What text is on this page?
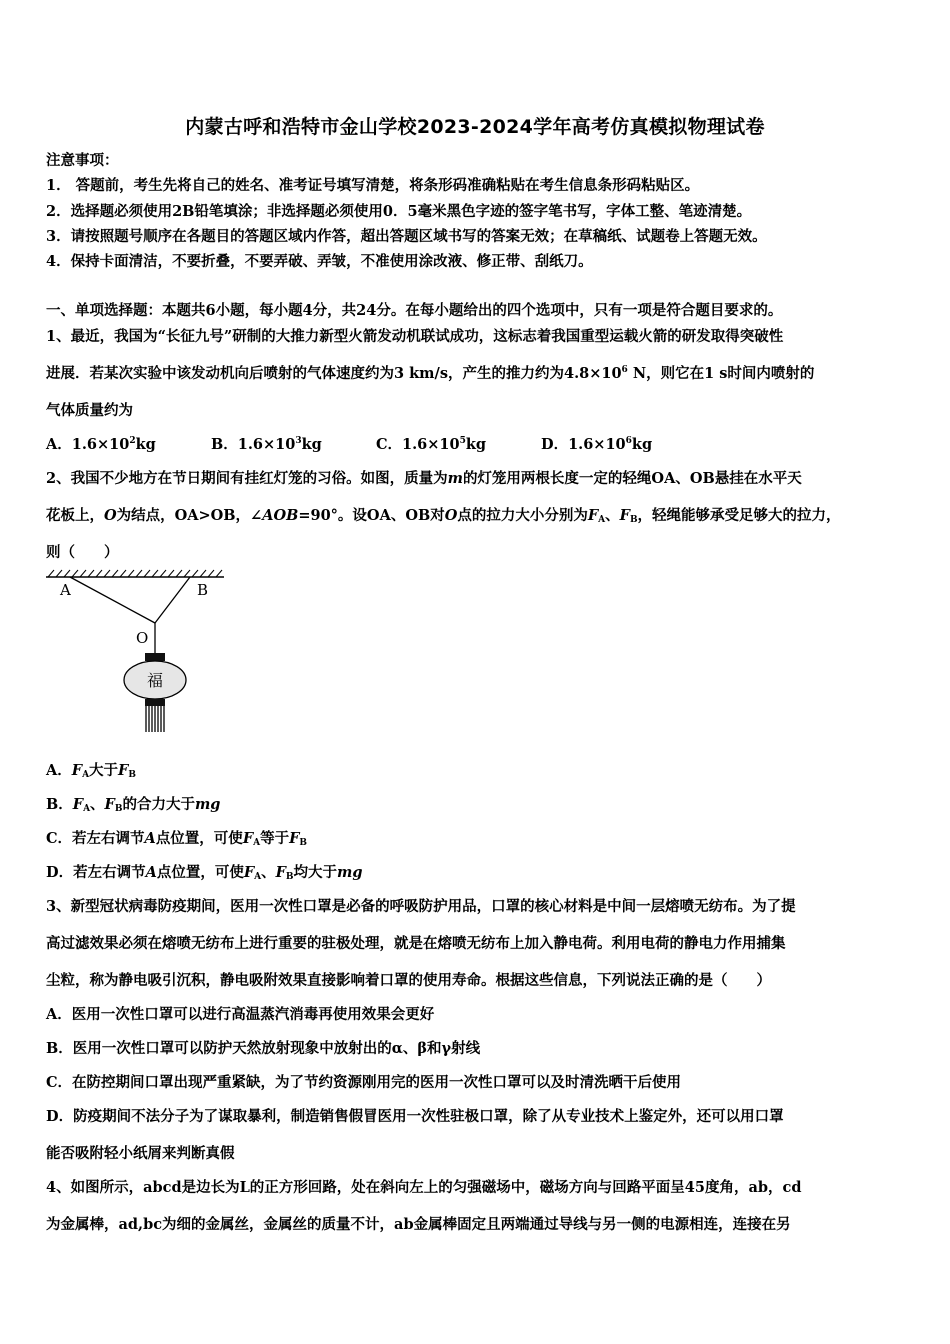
内蒙古呼和浩特市金山学校2023-2024学年高考仿真模拟物理试卷
注意事项：
1． 答题前，考生先将自己的姓名、准考证号填写清楚，将条形码准确粘贴在考生信息条形码粘贴区。
2．选择题必须使用2B铅笔填涂；非选择题必须使用0．5毫米黑色字迹的签字笔书写，字体工整、笔迹清楚。
3．请按照题号顺序在各题目的答题区域内作答，超出答题区域书写的答案无效；在草稿纸、试题卷上答题无效。
4．保持卡面清洁，不要折叠，不要弄破、弄皱，不准使用涂改液、修正带、刮纸刀。
一、单项选择题：本题共6小题，每小题4分，共24分。在每小题给出的四个选项中，只有一项是符合题目要求的。
1、最近，我国为“长征九号”研制的大推力新型火箭发动机联试成功，这标志着我国重型运载火箭的研发取得突破性
进展．若某次实验中该发动机向后喷射的气体速度约为3 km/s，产生的推力约为$4.8\times 10^6$ N，则它在1 s时间内喷射的
气体质量约为
A．$1.6\times 10^2kg$	B．$1.6\times 10^3kg$	C．$1.6\times 10^5kg$	D．$1.6\times 10^6kg$
2、我国不少地方在节日期间有挂红灯笼的习俗。如图，质量为m的灯笼用两根长度一定的轻绳OA、OB悬挂在水平天
花板上，O为结点，OA>OB，∠AOB=90°。设OA、OB对O点的拉力大小分别为$F_A$、$F_B$，轻绳能够承受足够大的拉力，
则（　　）
A	B
O
福
A．$F_A$大于$F_B$
B．$F_A$、$F_B$的合力大于mg
C．若左右调节A点位置，可使$F_A$等于$F_B$
D．若左右调节A点位置，可使$F_A$、$F_B$均大于mg
3、新型冠状病毒防疫期间，医用一次性口罩是必备的呼吸防护用品，口罩的核心材料是中间一层熔喷无纺布。为了提
高过滤效果必须在熔喷无纺布上进行重要的驻极处理，就是在熔喷无纺布上加入静电荷。利用电荷的静电力作用捕集
尘粒，称为静电吸引沉积，静电吸附效果直接影响着口罩的使用寿命。根据这些信息，下列说法正确的是（　　）
A．医用一次性口罩可以进行高温蒸汽消毒再使用效果会更好
B．医用一次性口罩可以防护天然放射现象中放射出的α、β和γ射线
C．在防控期间口罩出现严重紧缺，为了节约资源刚用完的医用一次性口罩可以及时清洗晒干后使用
D．防疫期间不法分子为了谋取暴利，制造销售假冒医用一次性驻极口罩，除了从专业技术上鉴定外，还可以用口罩
能否吸附轻小纸屑来判断真假
4、如图所示，abcd是边长为L的正方形回路，处在斜向左上的匀强磁场中，磁场方向与回路平面呈45度角，ab，cd
为金属棒，ad,bc为细的金属丝，金属丝的质量不计，ab金属棒固定且两端通过导线与另一侧的电源相连，连接在另
